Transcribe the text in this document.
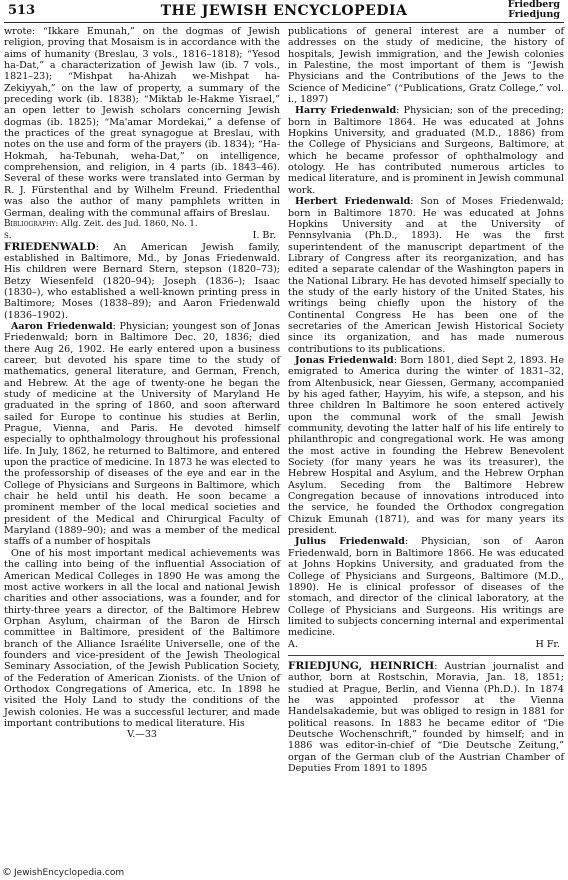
513	THE JEWISH ENCYCLOPEDIA	Friedberg
Friedjung

wrote: “Ikkare Emunah,” on the dogmas of Jewish religion, proving that Mosaism is in accordance with the aims of humanity (Breslau, 3 vols., 1816–1818); “Yesod ha-Dat,” a characterization of Jewish law (ib. 7 vols., 1821–23); “Mishpat ha-Ahizah we-Mishpat ha-Zekiyyah,” on the law of property, a summary of the preceding work (ib. 1838); “Miktab le-Hakme Yisrael,” an open letter to Jewish scholars concerning Jewish dogmas (ib. 1825); “Ma'amar Mordekai,” a defense of the practices of the great synagogue at Breslau, with notes on the use and form of the prayers (ib. 1834); “Ha-Hokmah, ha-Tebunah, weha-Dat,” on intelligence, comprehension, and religion, in 4 parts (ib. 1843–46). Several of these works were translated into German by R. J. Fürstenthal and by Wilhelm Freund. Friedenthal was also the author of many pamphlets written in German, dealing with the communal affairs of Breslau.

Bibliography: Allg. Zeit. des Jud. 1860, No. 1.

s.	I. Br.

FRIEDENWALD: An American Jewish family, established in Baltimore, Md., by Jonas Friedenwald. His children were Bernard Stern, stepson (1820–73); Betzy Wiesenfeld (1820–94); Joseph (1836–); Isaac (1830–), who established a well-known printing press in Baltimore; Moses (1838–89); and Aaron Friedenwald (1836–1902).

Aaron Friedenwald: Physician; youngest son of Jonas Friedenwald; born in Baltimore Dec. 20, 1836; died there Aug 26, 1902. He early entered upon a business career, but devoted his spare time to the study of mathematics, general literature, and German, French, and Hebrew. At the age of twenty-one he began the study of medicine at the University of Maryland He graduated in the spring of 1860, and soon afterward sailed for Europe to continue his studies at Berlin, Prague, Vienna, and Paris. He devoted himself especially to ophthalmology throughout his professional life. In July, 1862, he returned to Baltimore, and entered upon the practice of medicine. In 1873 he was elected to the professorship of diseases of the eye and ear in the College of Physicians and Surgeons in Baltimore, which chair he held until his death. He soon became a prominent member of the local medical societies and president of the Medical and Chirurgical Faculty of Maryland (1889–90); and was a member of the medical staffs of a number of hospitals

One of his most important medical achievements was the calling into being of the influential Association of American Medical Colleges in 1890 He was among the most active workers in all the local and national Jewish charities and other associations, was a founder, and for thirty-three years a director, of the Baltimore Hebrew Orphan Asylum, chairman of the Baron de Hirsch committee in Baltimore, president of the Baltimore branch of the Alliance Israélite Universelle, one of the founders and vice-president of the Jewish Theological Seminary Association, of the Jewish Publication Society, of the Federation of American Zionists. of the Union of Orthodox Congregations of America, etc. In 1898 he visited the Holy Land to study the conditions of the Jewish colonies. He was a successful lecturer, and made important contributions to medical literature. His

V.—33

publications of general interest are a number of addresses on the study of medicine, the history of hospitals, Jewish immigration, and the Jewish colonies in Palestine, the most important of them is “Jewish Physicians and the Contributions of the Jews to the Science of Medicine” (“Publications, Gratz College,” vol. i., 1897)

Harry Friedenwald: Physician; son of the preceding; born in Baltimore 1864. He was educated at Johns Hopkins University, and graduated (M.D., 1886) from the College of Physicians and Surgeons, Baltimore, at which he became professor of ophthalmology and otology. He has contributed numerous articles to medical literature, and is prominent in Jewish communal work.

Herbert Friedenwald: Son of Moses Friedenwald; born in Baltimore 1870. He was educated at Johns Hopkins University and at the University of Pennsylvania (Ph.D., 1893). He was the first superintendent of the manuscript department of the Library of Congress after its reorganization, and has edited a separate calendar of the Washington papers in the National Library. He has devoted himself specially to the study of the early history of the United States, his writings being chiefly upon the history of the Continental Congress He has been one of the secretaries of the American Jewish Historical Society since its organization, and has made numerous contributions to its publications.

Jonas Friedenwald: Born 1801, died Sept 2, 1893. He emigrated to America during the winter of 1831–32, from Altenbusick, near Giessen, Germany, accompanied by his aged father, Hayyim, his wife, a stepson, and his three children In Baltimore he soon entered actively upon the communal work of the small Jewish community, devoting the latter half of his life entirely to philanthropic and congregational work. He was among the most active in founding the Hebrew Benevolent Society (for many years he was its treasurer), the Hebrew Hospital and Asylum, and the Hebrew Orphan Asylum. Seceding from the Baltimore Hebrew Congregation because of innovations introduced into the service, he founded the Orthodox congregation Chizuk Emunah (1871), and was for many years its president.

Julius Friedenwald: Physician, son of Aaron Friedenwald, born in Baltimore 1866. He was educated at Johns Hopkins University, and graduated from the College of Physicians and Surgeons, Baltimore (M.D., 1890). He is clinical professor of diseases of the stomach, and director of the clinical laboratory, at the College of Physicians and Surgeons. His writings are limited to subjects concerning internal and experimental medicine.

A.	H Fr.

FRIEDJUNG, HEINRICH: Austrian journalist and author, born at Rostschin, Moravia, Jan. 18, 1851; studied at Prague, Berlin, and Vienna (Ph.D.). In 1874 he was appointed professor at the Vienna Handelsakademie, but was obliged to resign in 1881 for political reasons. In 1883 he became editor of “Die Deutsche Wochenschrift,” founded by himself; and in 1886 was editor-in-chief of “Die Deutsche Zeitung,” organ of the German club of the Austrian Chamber of Deputies From 1891 to 1895

© JewishEncyclopedia.com
